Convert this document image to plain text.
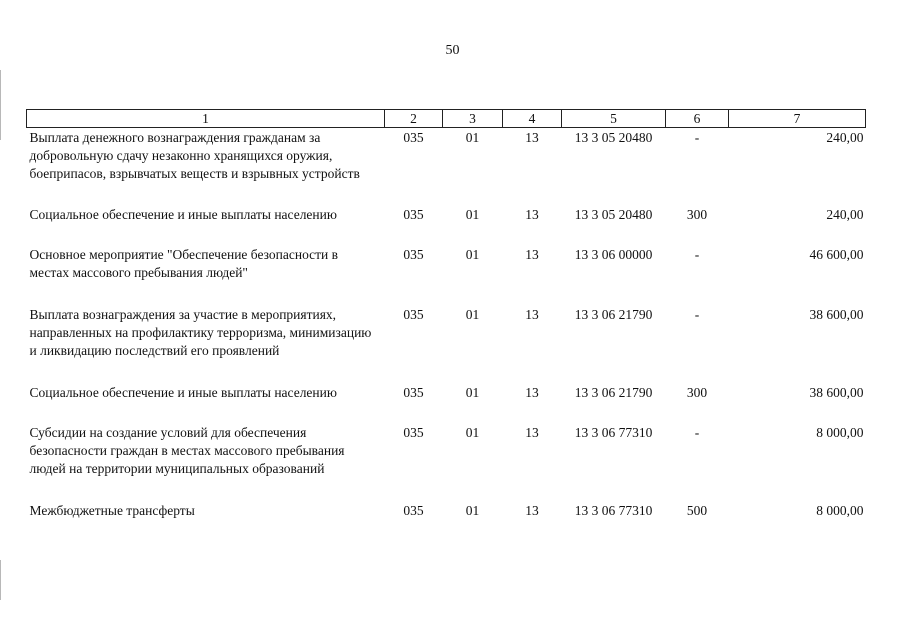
50
1	2	3	4	5	6	7
Выплата денежного вознаграждения гражданам за добровольную сдачу незаконно хранящихся оружия, боеприпасов, взрывчатых веществ и взрывных устройств	035	01	13	13 3 05 20480	-	240,00
Социальное обеспечение и иные выплаты населению	035	01	13	13 3 05 20480	300	240,00
Основное мероприятие "Обеспечение безопасности в местах массового пребывания людей"	035	01	13	13 3 06 00000	-	46 600,00
Выплата вознаграждения за участие в мероприятиях, направленных на профилактику терроризма, минимизацию и ликвидацию последствий его проявлений	035	01	13	13 3 06 21790	-	38 600,00
Социальное обеспечение и иные выплаты населению	035	01	13	13 3 06 21790	300	38 600,00
Субсидии на создание условий для обеспечения безопасности граждан в местах массового пребывания людей на территории муниципальных образований	035	01	13	13 3 06 77310	-	8 000,00
Межбюджетные трансферты	035	01	13	13 3 06 77310	500	8 000,00
